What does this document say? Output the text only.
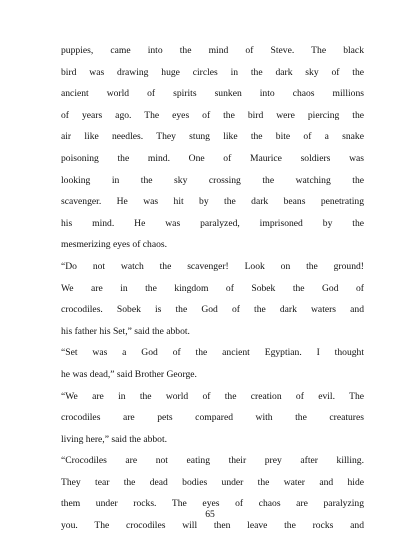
puppies, came into the mind of Steve. The black

bird was drawing huge circles in the dark sky of the

ancient world of spirits sunken into chaos millions

of years ago. The eyes of the bird were piercing the

air like needles. They stung like the bite of a snake

poisoning the mind. One of Maurice soldiers was

looking in the sky crossing the watching the

scavenger. He was hit by the dark beans penetrating

his mind. He was paralyzed, imprisoned by the

mesmerizing eyes of chaos.

“Do not watch the scavenger! Look on the ground!

We are in the kingdom of Sobek the God of

crocodiles. Sobek is the God of the dark waters and

his father his Set,” said the abbot.

“Set was a God of the ancient Egyptian. I thought

he was dead,” said Brother George.

“We are in the world of the creation of evil. The

crocodiles are pets compared with the creatures

living here,” said the abbot.

“Crocodiles are not eating their prey after killing.

They tear the dead bodies under the water and hide

them under rocks. The eyes of chaos are paralyzing

you. The crocodiles will then leave the rocks and

65
